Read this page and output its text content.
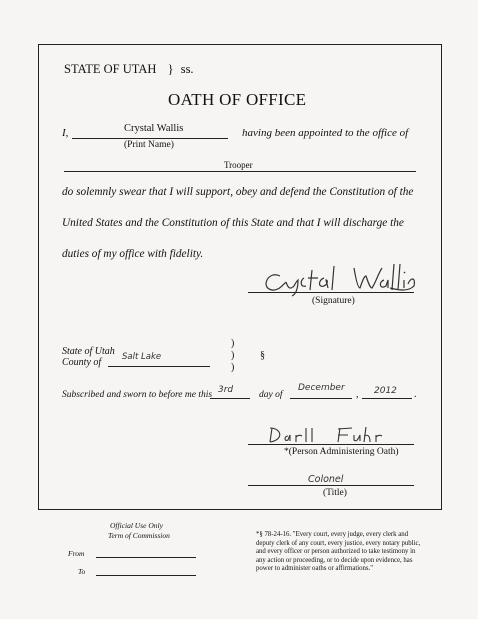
STATE OF UTAH } ss.
OATH OF OFFICE
I,	Crystal Wallis
(Print Name)
having been appointed to the office of
Trooper
do solemnly swear that I will support, obey and defend the Constitution of the
United States and the Constitution of this State and that I will discharge the
duties of my office with fidelity.
(Signature)
State of Utah
County of Salt Lake
)
)
)
§
Subscribed and sworn to before me this 3rd	day of
December
, 2012 .
*(Person Administering Oath)
Colonel
(Title)
Official Use Only
Term of Commission
From
To
*§ 78-24-16. "Every court, every judge, every clerk and
deputy clerk of any court, every justice, every notary public,
and every officer or person authorized to take testimony in
any action or proceeding, or to decide upon evidence, has
power to administer oaths or affirmations."
